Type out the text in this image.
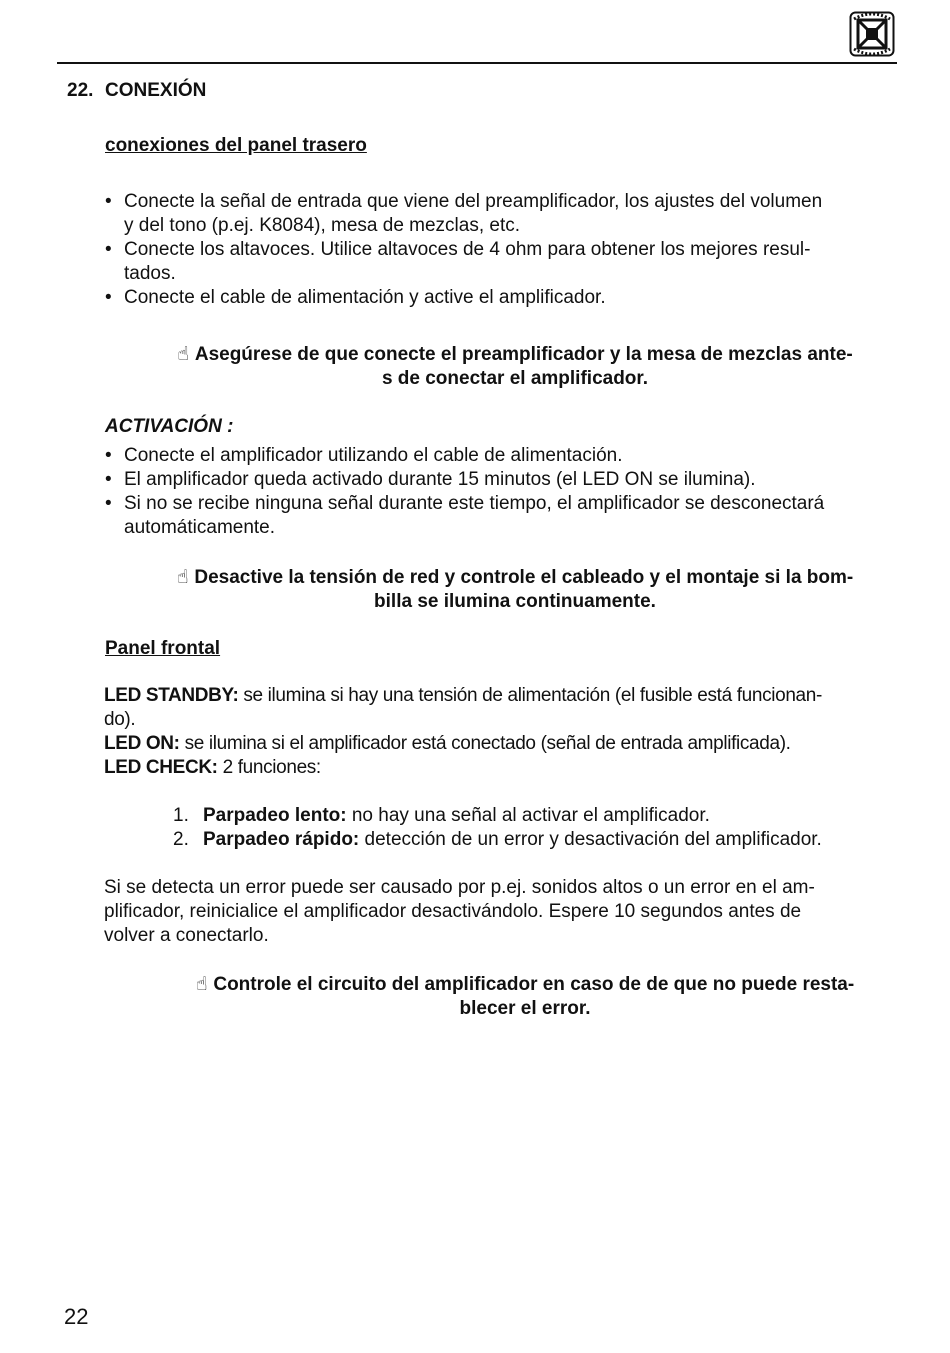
22. CONEXIÓN
conexiones del panel trasero
• Conecte la señal de entrada que viene del preamplificador, los ajustes del volumen
y del tono (p.ej. K8084), mesa de mezclas, etc.
• Conecte los altavoces. Utilice altavoces de 4 ohm para obtener los mejores resul-
tados.
• Conecte el cable de alimentación y active el amplificador.
☝ Asegúrese de que conecte el preamplificador y la mesa de mezclas ante-
s de conectar el amplificador.
ACTIVACIÓN :
• Conecte el amplificador utilizando el cable de alimentación.
• El amplificador queda activado durante 15 minutos (el LED ON se ilumina).
• Si no se recibe ninguna señal durante este tiempo, el amplificador se desconectará
automáticamente.
☝ Desactive la tensión de red y controle el cableado y el montaje si la bom-
billa se ilumina continuamente.
Panel frontal
LED STANDBY: se ilumina si hay una tensión de alimentación (el fusible está funcionan-
do).
LED ON: se ilumina si el amplificador está conectado (señal de entrada amplificada).
LED CHECK: 2 funciones:
1. Parpadeo lento: no hay una señal al activar el amplificador.
2. Parpadeo rápido: detección de un error y desactivación del amplificador.
Si se detecta un error puede ser causado por p.ej. sonidos altos o un error en el am-
plificador, reinicialice el amplificador desactivándolo. Espere 10 segundos antes de
volver a conectarlo.
☝ Controle el circuito del amplificador en caso de de que no puede resta-
blecer el error.
22
